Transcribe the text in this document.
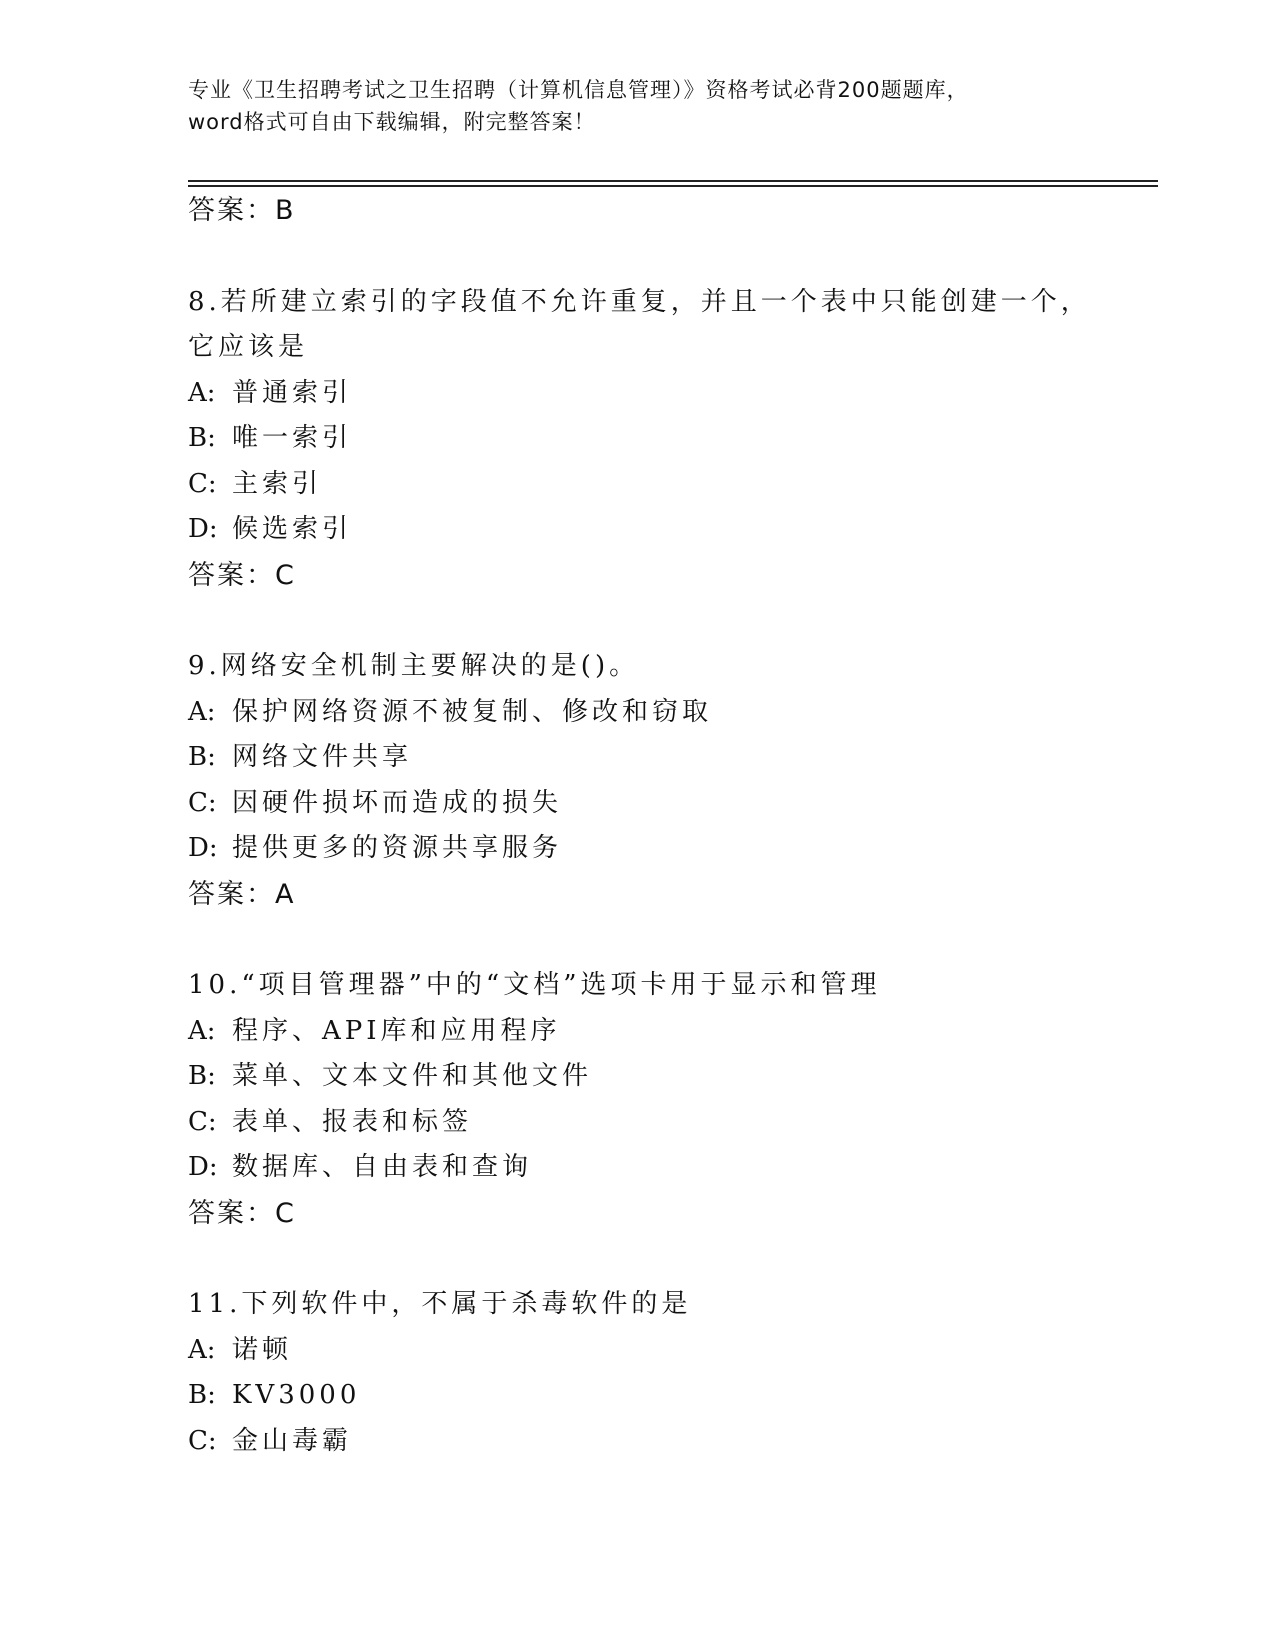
专业《卫生招聘考试之卫生招聘（计算机信息管理）》资格考试必背200题题库，
word格式可自由下载编辑，附完整答案！
答案：B
8.若所建立索引的字段值不允许重复，并且一个表中只能创建一个，
它应该是
A: 普通索引
B: 唯一索引
C: 主索引
D: 候选索引
答案：C
9.网络安全机制主要解决的是()。
A: 保护网络资源不被复制、修改和窃取
B: 网络文件共享
C: 因硬件损坏而造成的损失
D: 提供更多的资源共享服务
答案：A
10.“项目管理器”中的“文档”选项卡用于显示和管理
A: 程序、API库和应用程序
B: 菜单、文本文件和其他文件
C: 表单、报表和标签
D: 数据库、自由表和查询
答案：C
11.下列软件中，不属于杀毒软件的是
A: 诺顿
B: KV3000
C: 金山毒霸
